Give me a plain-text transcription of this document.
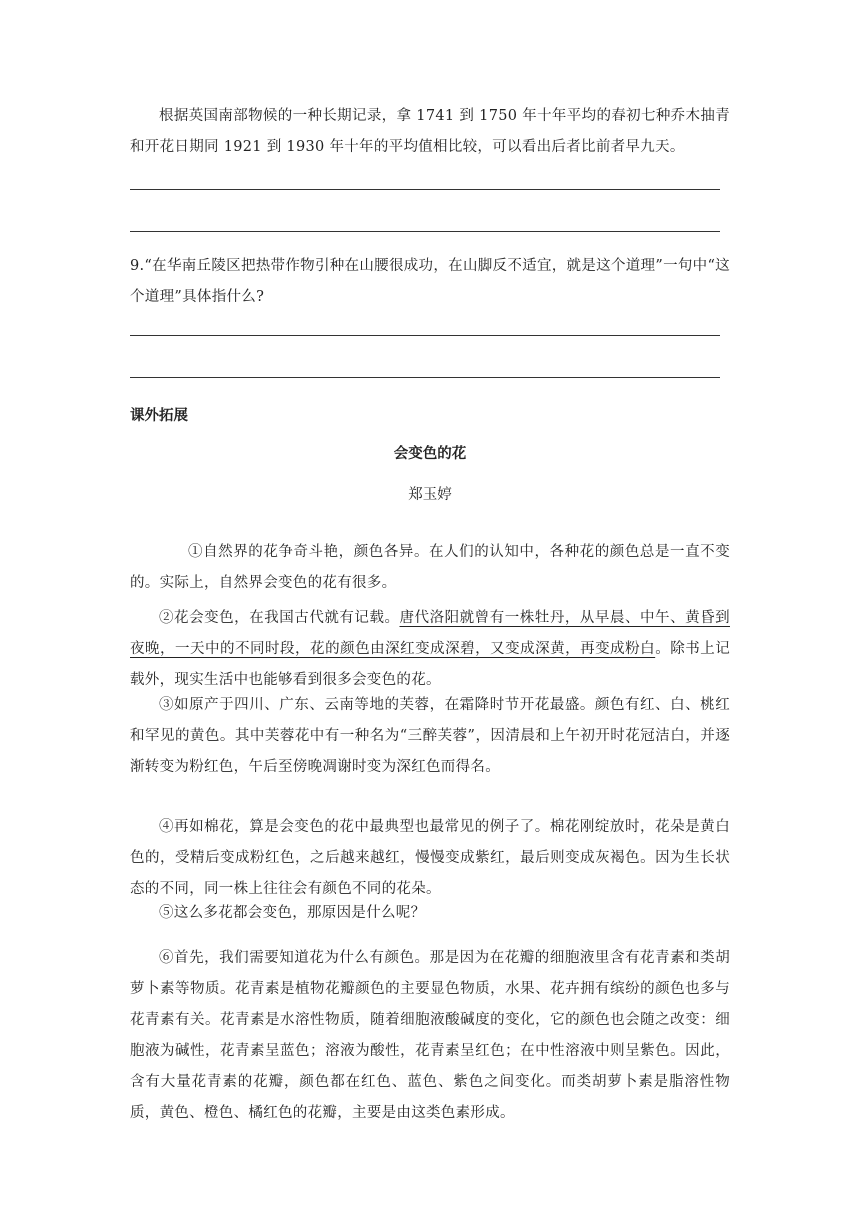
根据英国南部物候的一种长期记录，拿 1741 到 1750 年十年平均的春初七种乔木抽青和开花日期同 1921 到 1930 年十年的平均值相比较，可以看出后者比前者早九天。

9.“在华南丘陵区把热带作物引种在山腰很成功，在山脚反不适宜，就是这个道理”一句中“这个道理”具体指什么?

课外拓展

会变色的花

郑玉婷

①自然界的花争奇斗艳，颜色各异。在人们的认知中，各种花的颜色总是一直不变的。实际上，自然界会变色的花有很多。

②花会变色，在我国古代就有记载。唐代洛阳就曾有一株牡丹，从早晨、中午、黄昏到夜晚，一天中的不同时段，花的颜色由深红变成深碧，又变成深黄，再变成粉白。除书上记载外，现实生活中也能够看到很多会变色的花。

③如原产于四川、广东、云南等地的芙蓉，在霜降时节开花最盛。颜色有红、白、桃红和罕见的黄色。其中芙蓉花中有一种名为“三醉芙蓉”，因清晨和上午初开时花冠洁白，并逐渐转变为粉红色，午后至傍晚凋谢时变为深红色而得名。

④再如棉花，算是会变色的花中最典型也最常见的例子了。棉花刚绽放时，花朵是黄白色的，受精后变成粉红色，之后越来越红，慢慢变成紫红，最后则变成灰褐色。因为生长状态的不同，同一株上往往会有颜色不同的花朵。

⑤这么多花都会变色，那原因是什么呢？

⑥首先，我们需要知道花为什么有颜色。那是因为在花瓣的细胞液里含有花青素和类胡萝卜素等物质。花青素是植物花瓣颜色的主要显色物质，水果、花卉拥有缤纷的颜色也多与花青素有关。花青素是水溶性物质，随着细胞液酸碱度的变化，它的颜色也会随之改变：细胞液为碱性，花青素呈蓝色；溶液为酸性，花青素呈红色；在中性溶液中则呈紫色。因此，含有大量花青素的花瓣，颜色都在红色、蓝色、紫色之间变化。而类胡萝卜素是脂溶性物质，黄色、橙色、橘红色的花瓣，主要是由这类色素形成。
